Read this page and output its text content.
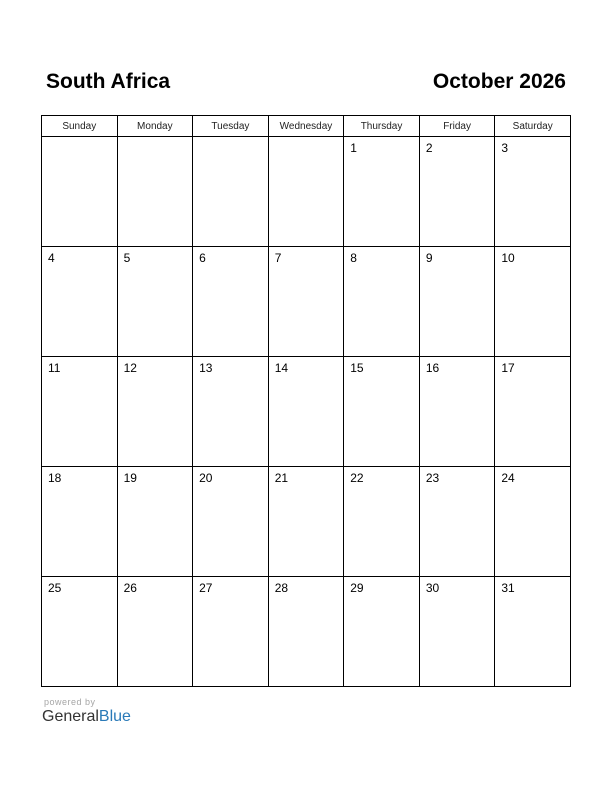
South Africa	October 2026
Sunday	Monday	Tuesday	Wednesday	Thursday	Friday	Saturday

				1	2	3

4	5	6	7	8	9	10

11	12	13	14	15	16	17

18	19	20	21	22	23	24

25	26	27	28	29	30	31
powered by
GeneralBlue
